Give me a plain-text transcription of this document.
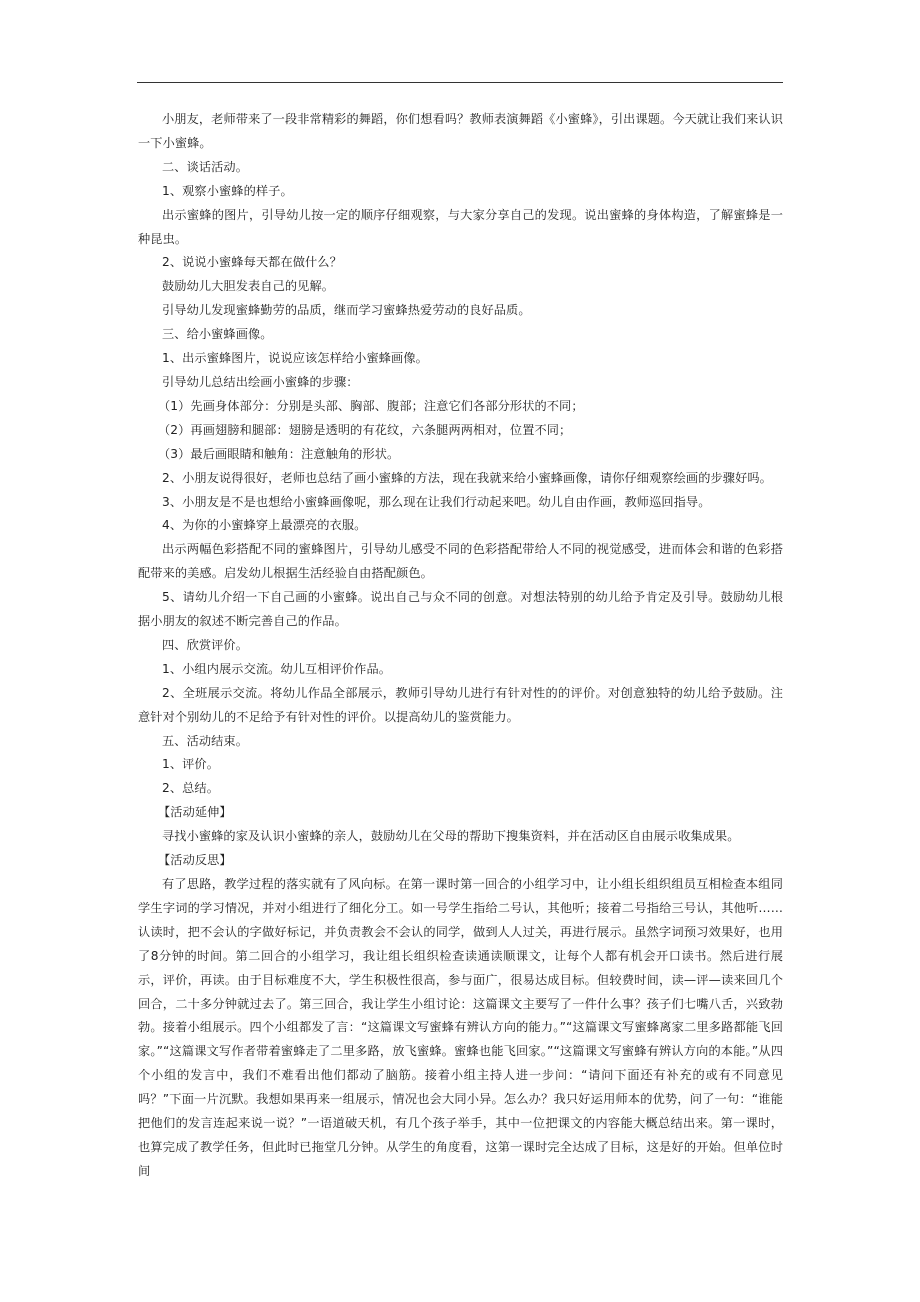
小朋友，老师带来了一段非常精彩的舞蹈，你们想看吗？教师表演舞蹈《小蜜蜂》，引出课题。今天就让我们来认识一下小蜜蜂。

二、谈话活动。

1、观察小蜜蜂的样子。

出示蜜蜂的图片，引导幼儿按一定的顺序仔细观察，与大家分享自己的发现。说出蜜蜂的身体构造，了解蜜蜂是一种昆虫。

2、说说小蜜蜂每天都在做什么？

鼓励幼儿大胆发表自己的见解。

引导幼儿发现蜜蜂勤劳的品质，继而学习蜜蜂热爱劳动的良好品质。

三、给小蜜蜂画像。

1、出示蜜蜂图片，说说应该怎样给小蜜蜂画像。

引导幼儿总结出绘画小蜜蜂的步骤：

（1）先画身体部分：分别是头部、胸部、腹部；注意它们各部分形状的不同；

（2）再画翅膀和腿部：翅膀是透明的有花纹，六条腿两两相对，位置不同；

（3）最后画眼睛和触角：注意触角的形状。

2、小朋友说得很好，老师也总结了画小蜜蜂的方法，现在我就来给小蜜蜂画像，请你仔细观察绘画的步骤好吗。

3、小朋友是不是也想给小蜜蜂画像呢，那么现在让我们行动起来吧。幼儿自由作画，教师巡回指导。

4、为你的小蜜蜂穿上最漂亮的衣服。

出示两幅色彩搭配不同的蜜蜂图片，引导幼儿感受不同的色彩搭配带给人不同的视觉感受，进而体会和谐的色彩搭配带来的美感。启发幼儿根据生活经验自由搭配颜色。

5、请幼儿介绍一下自己画的小蜜蜂。说出自己与众不同的创意。对想法特别的幼儿给予肯定及引导。鼓励幼儿根据小朋友的叙述不断完善自己的作品。

四、欣赏评价。

1、小组内展示交流。幼儿互相评价作品。

2、全班展示交流。将幼儿作品全部展示，教师引导幼儿进行有针对性的的评价。对创意独特的幼儿给予鼓励。注意针对个别幼儿的不足给予有针对性的评价。以提高幼儿的鉴赏能力。

五、活动结束。

1、评价。

2、总结。

【活动延伸】

寻找小蜜蜂的家及认识小蜜蜂的亲人，鼓励幼儿在父母的帮助下搜集资料，并在活动区自由展示收集成果。

【活动反思】

有了思路，教学过程的落实就有了风向标。在第一课时第一回合的小组学习中，让小组长组织组员互相检查本组同学生字词的学习情况，并对小组进行了细化分工。如一号学生指给二号认，其他听；接着二号指给三号认，其他听……认读时，把不会认的字做好标记，并负责教会不会认的同学，做到人人过关，再进行展示。虽然字词预习效果好，也用了8分钟的时间。第二回合的小组学习，我让组长组织检查读通读顺课文，让每个人都有机会开口读书。然后进行展示，评价，再读。由于目标难度不大，学生积极性很高，参与面广，很易达成目标。但较费时间，读—评—读来回几个回合，二十多分钟就过去了。第三回合，我让学生小组讨论：这篇课文主要写了一件什么事？孩子们七嘴八舌，兴致勃勃。接着小组展示。四个小组都发了言：“这篇课文写蜜蜂有辨认方向的能力。”“这篇课文写蜜蜂离家二里多路都能飞回家。”“这篇课文写作者带着蜜蜂走了二里多路，放飞蜜蜂。蜜蜂也能飞回家。”“这篇课文写蜜蜂有辨认方向的本能。”从四个小组的发言中，我们不难看出他们都动了脑筋。接着小组主持人进一步问：“请问下面还有补充的或有不同意见吗？”下面一片沉默。我想如果再来一组展示，情况也会大同小异。怎么办？我只好运用师本的优势，问了一句：“谁能把他们的发言连起来说一说？”一语道破天机，有几个孩子举手，其中一位把课文的内容能大概总结出来。第一课时，也算完成了教学任务，但此时已拖堂几分钟。从学生的角度看，这第一课时完全达成了目标，这是好的开始。但单位时间
